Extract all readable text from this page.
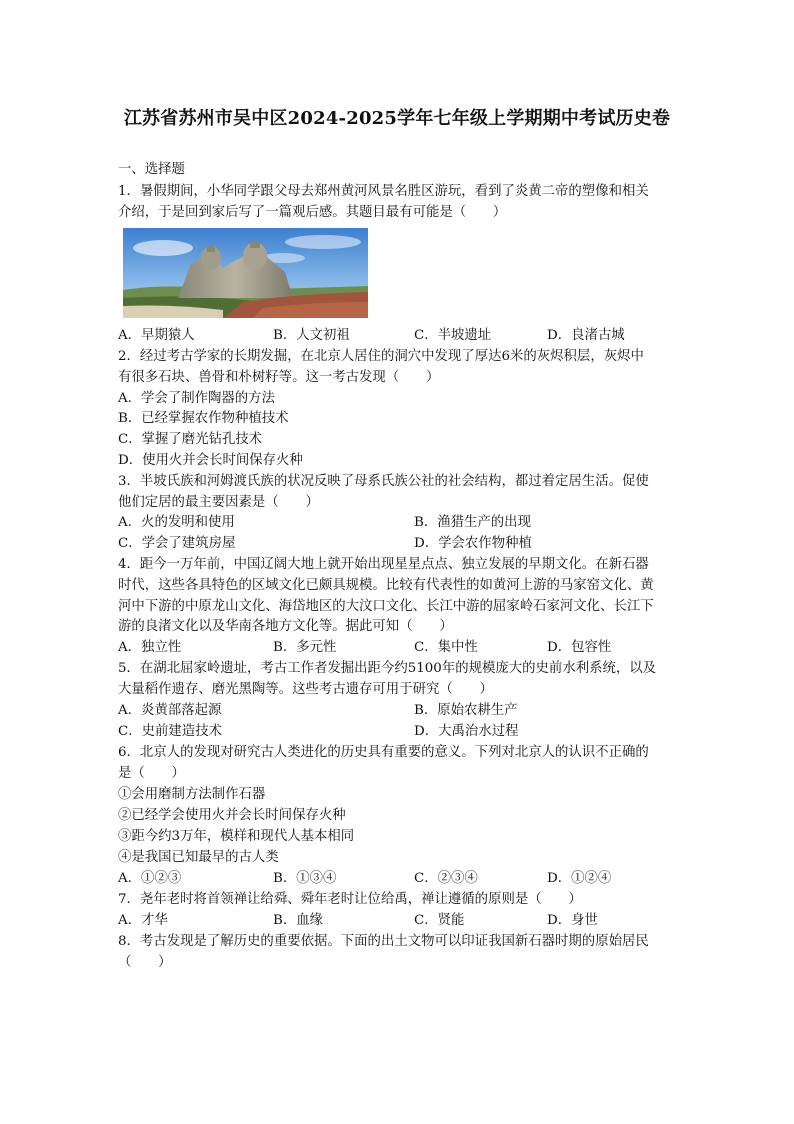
江苏省苏州市吴中区2024-2025学年七年级上学期期中考试历史卷
一、选择题
1．暑假期间，小华同学跟父母去郑州黄河风景名胜区游玩，看到了炎黄二帝的塑像和相关
介绍，于是回到家后写了一篇观后感。其题目最有可能是（　　）
A．早期猿人	B．人文初祖	C．半坡遗址	D．良渚古城
2．经过考古学家的长期发掘，在北京人居住的洞穴中发现了厚达6米的灰烬积层，灰烬中
有很多石块、兽骨和朴树籽等。这一考古发现（　　）
A．学会了制作陶器的方法
B．已经掌握农作物种植技术
C．掌握了磨光钻孔技术
D．使用火并会长时间保存火种
3．半坡氏族和河姆渡氏族的状况反映了母系氏族公社的社会结构，都过着定居生活。促使
他们定居的最主要因素是（　　）
A．火的发明和使用	B．渔猎生产的出现
C．学会了建筑房屋	D．学会农作物种植
4．距今一万年前，中国辽阔大地上就开始出现星星点点、独立发展的早期文化。在新石器
时代，这些各具特色的区域文化已颇具规模。比较有代表性的如黄河上游的马家窑文化、黄
河中下游的中原龙山文化、海岱地区的大汶口文化、长江中游的屈家岭石家河文化、长江下
游的良渚文化以及华南各地方文化等。据此可知（　　）
A．独立性	B．多元性	C．集中性	D．包容性
5．在湖北屈家岭遗址，考古工作者发掘出距今约5100年的规模庞大的史前水利系统，以及
大量稻作遗存、磨光黑陶等。这些考古遗存可用于研究（　　）
A．炎黄部落起源	B．原始农耕生产
C．史前建造技术	D．大禹治水过程
6．北京人的发现对研究古人类进化的历史具有重要的意义。下列对北京人的认识不正确的
是（　　）
①会用磨制方法制作石器
②已经学会使用火并会长时间保存火种
③距今约3万年，模样和现代人基本相同
④是我国已知最早的古人类
A．①②③	B．①③④	C．②③④	D．①②④
7．尧年老时将首领禅让给舜、舜年老时让位给禹，禅让遵循的原则是（　　）
A．才华	B．血缘	C．贤能	D．身世
8．考古发现是了解历史的重要依据。下面的出土文物可以印证我国新石器时期的原始居民
（　　）
